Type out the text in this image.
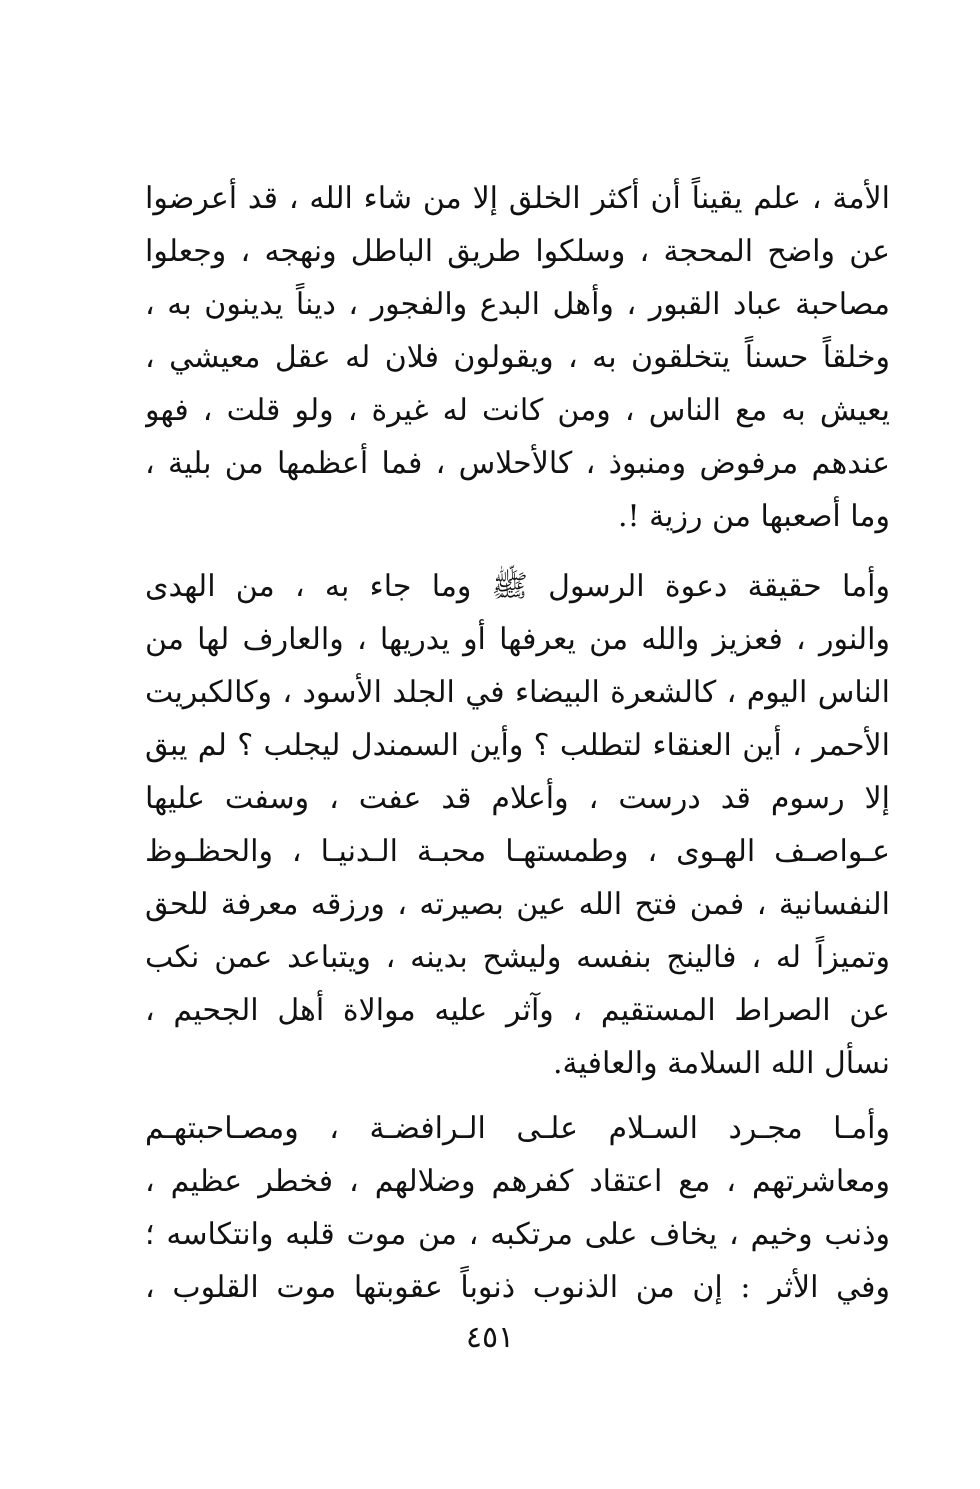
الأمة ، علم يقيناً أن أكثر الخلق إلا من شاء الله ، قد أعرضوا
عن واضح المحجة ، وسلكوا طريق الباطل ونهجه ، وجعلوا
مصاحبة عباد القبور ، وأهل البدع والفجور ، ديناً يدينون به ،
وخلقاً حسناً يتخلقون به ، ويقولون فلان له عقل معيشي ،
يعيش به مع الناس ، ومن كانت له غيرة ، ولو قلت ، فهو
عندهم مرفوض ومنبوذ ، كالأحلاس ، فما أعظمها من بلية ،
وما أصعبها من رزية !.
وأما حقيقة دعوة الرسول ﷺ وما جاء به ، من الهدى
والنور ، فعزيز والله من يعرفها أو يدريها ، والعارف لها من
الناس اليوم ، كالشعرة البيضاء في الجلد الأسود ، وكالكبريت
الأحمر ، أين العنقاء لتطلب ؟ وأين السمندل ليجلب ؟ لم يبق
إلا رسوم قد درست ، وأعلام قد عفت ، وسفت عليها
عـواصـف الهـوى ، وطمستهـا محبـة الـدنيـا ، والحظـوظ
النفسانية ، فمن فتح الله عين بصيرته ، ورزقه معرفة للحق
وتميزاً له ، فالينج بنفسه وليشح بدينه ، ويتباعد عمن نكب
عن الصراط المستقيم ، وآثر عليه موالاة أهل الجحيم ،
نسأل الله السلامة والعافية.
وأمـا مجـرد السـلام علـى الـرافضـة ، ومصـاحبتهـم
ومعاشرتهم ، مع اعتقاد كفرهم وضلالهم ، فخطر عظيم ،
وذنب وخيم ، يخاف على مرتكبه ، من موت قلبه وانتكاسه ؛
وفي الأثر : إن من الذنوب ذنوباً عقوبتها موت القلوب ،
٤٥١
